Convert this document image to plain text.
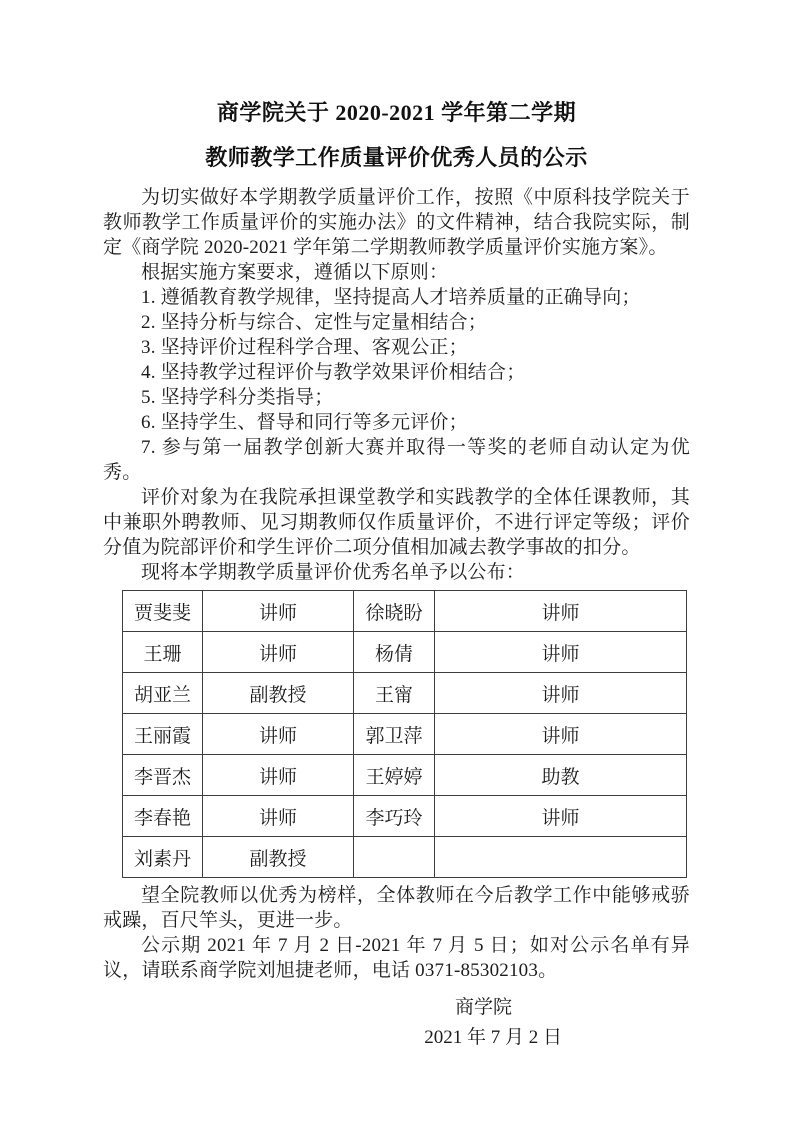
商学院关于 2020-2021 学年第二学期
教师教学工作质量评价优秀人员的公示

为切实做好本学期教学质量评价工作，按照《中原科技学院关于教师教学工作质量评价的实施办法》的文件精神，结合我院实际，制定《商学院 2020-2021 学年第二学期教师教学质量评价实施方案》。

根据实施方案要求，遵循以下原则：

1. 遵循教育教学规律，坚持提高人才培养质量的正确导向；

2. 坚持分析与综合、定性与定量相结合；

3. 坚持评价过程科学合理、客观公正；

4. 坚持教学过程评价与教学效果评价相结合；

5. 坚持学科分类指导；

6. 坚持学生、督导和同行等多元评价；

7. 参与第一届教学创新大赛并取得一等奖的老师自动认定为优秀。

评价对象为在我院承担课堂教学和实践教学的全体任课教师，其中兼职外聘教师、见习期教师仅作质量评价，不进行评定等级；评价分值为院部评价和学生评价二项分值相加减去教学事故的扣分。

现将本学期教学质量评价优秀名单予以公布：

贾斐斐	讲师	徐晓盼	讲师
王珊	讲师	杨倩	讲师
胡亚兰	副教授	王甯	讲师
王丽霞	讲师	郭卫萍	讲师
李晋杰	讲师	王婷婷	助教
李春艳	讲师	李巧玲	讲师
刘素丹	副教授		

望全院教师以优秀为榜样，全体教师在今后教学工作中能够戒骄戒躁，百尺竿头，更进一步。

公示期 2021 年 7 月 2 日-2021 年 7 月 5 日；如对公示名单有异议，请联系商学院刘旭捷老师，电话 0371-85302103。

商学院

2021 年 7 月 2 日
